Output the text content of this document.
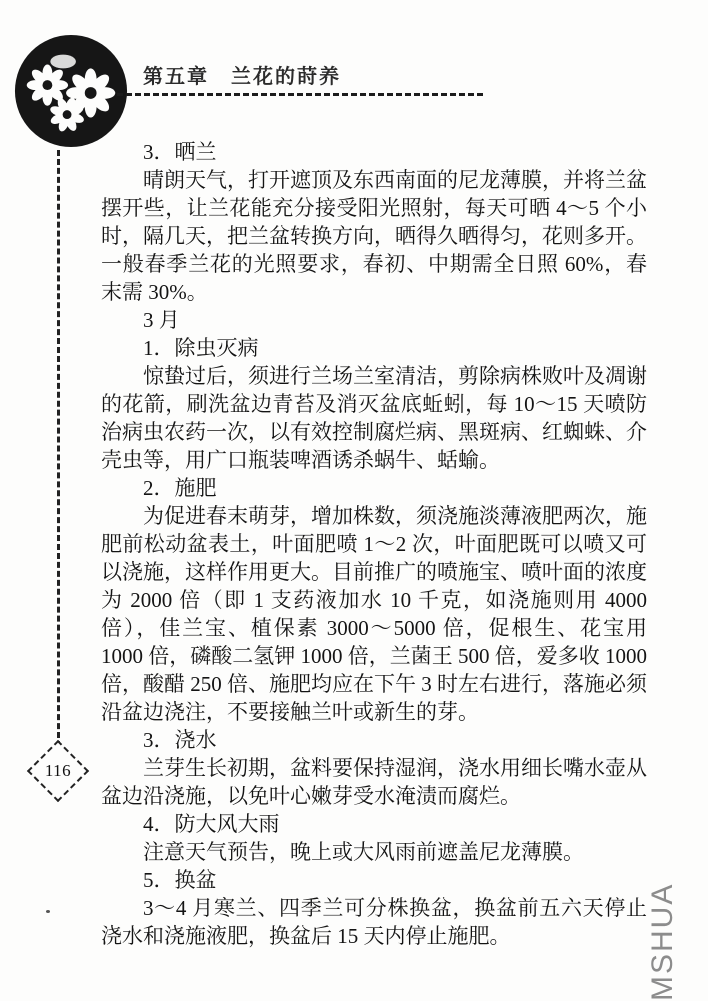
第五章　兰花的莳养
116

3．晒兰

晴朗天气，打开遮顶及东西南面的尼龙薄膜，并将兰盆摆开些，让兰花能充分接受阳光照射，每天可晒 4～5 个小时，隔几天，把兰盆转换方向，晒得久晒得匀，花则多开。一般春季兰花的光照要求，春初、中期需全日照 60%，春末需 30%。

3 月

1．除虫灭病

惊蛰过后，须进行兰场兰室清洁，剪除病株败叶及凋谢的花箭，刷洗盆边青苔及消灭盆底蚯蚓，每 10～15 天喷防治病虫农药一次，以有效控制腐烂病、黑斑病、红蜘蛛、介壳虫等，用广口瓶装啤酒诱杀蜗牛、蛞蝓。

2．施肥

为促进春末萌芽，增加株数，须浇施淡薄液肥两次，施肥前松动盆表土，叶面肥喷 1～2 次，叶面肥既可以喷又可以浇施，这样作用更大。目前推广的喷施宝、喷叶面的浓度为 2000 倍（即 1 支药液加水 10 千克，如浇施则用 4000 倍），佳兰宝、植保素 3000～5000 倍，促根生、花宝用 1000 倍，磷酸二氢钾 1000 倍，兰菌王 500 倍，爱多收 1000 倍，酸醋 250 倍、施肥均应在下午 3 时左右进行，落施必须沿盆边浇注，不要接触兰叶或新生的芽。

3．浇水

兰芽生长初期，盆料要保持湿润，浇水用细长嘴水壶从盆边沿浇施，以免叶心嫩芽受水淹渍而腐烂。

4．防大风大雨

注意天气预告，晚上或大风雨前遮盖尼龙薄膜。

5．换盆

3～4 月寒兰、四季兰可分株换盆，换盆前五六天停止浇水和浇施液肥，换盆后 15 天内停止施肥。	MSHUA
